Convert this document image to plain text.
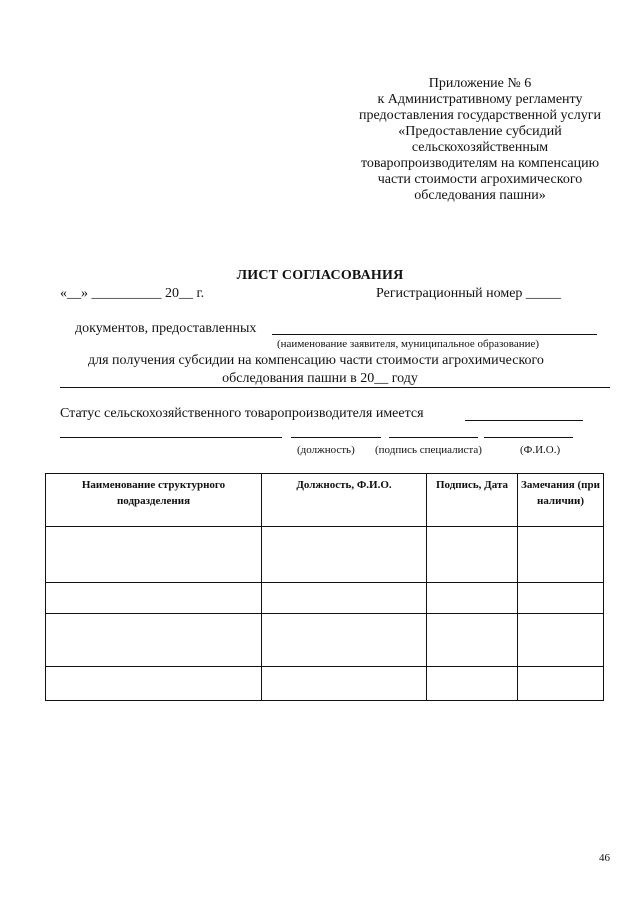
Приложение № 6
к Административному регламенту
предоставления государственной услуги
«Предоставление субсидий
сельскохозяйственным
товаропроизводителям на компенсацию
части стоимости агрохимического
обследования пашни»
ЛИСТ СОГЛАСОВАНИЯ
«__» __________ 20__ г.	Регистрационный номер _____
документов, предоставленных
(наименование заявителя, муниципальное образование)
для получения субсидии на компенсацию части стоимости агрохимического
обследования пашни в 20__ году
Статус сельскохозяйственного товаропроизводителя имеется
(должность) (подпись специалиста)	(Ф.И.О.)
Наименование структурного подразделения	Должность, Ф.И.О.	Подпись, Дата	Замечания (при наличии)

46
